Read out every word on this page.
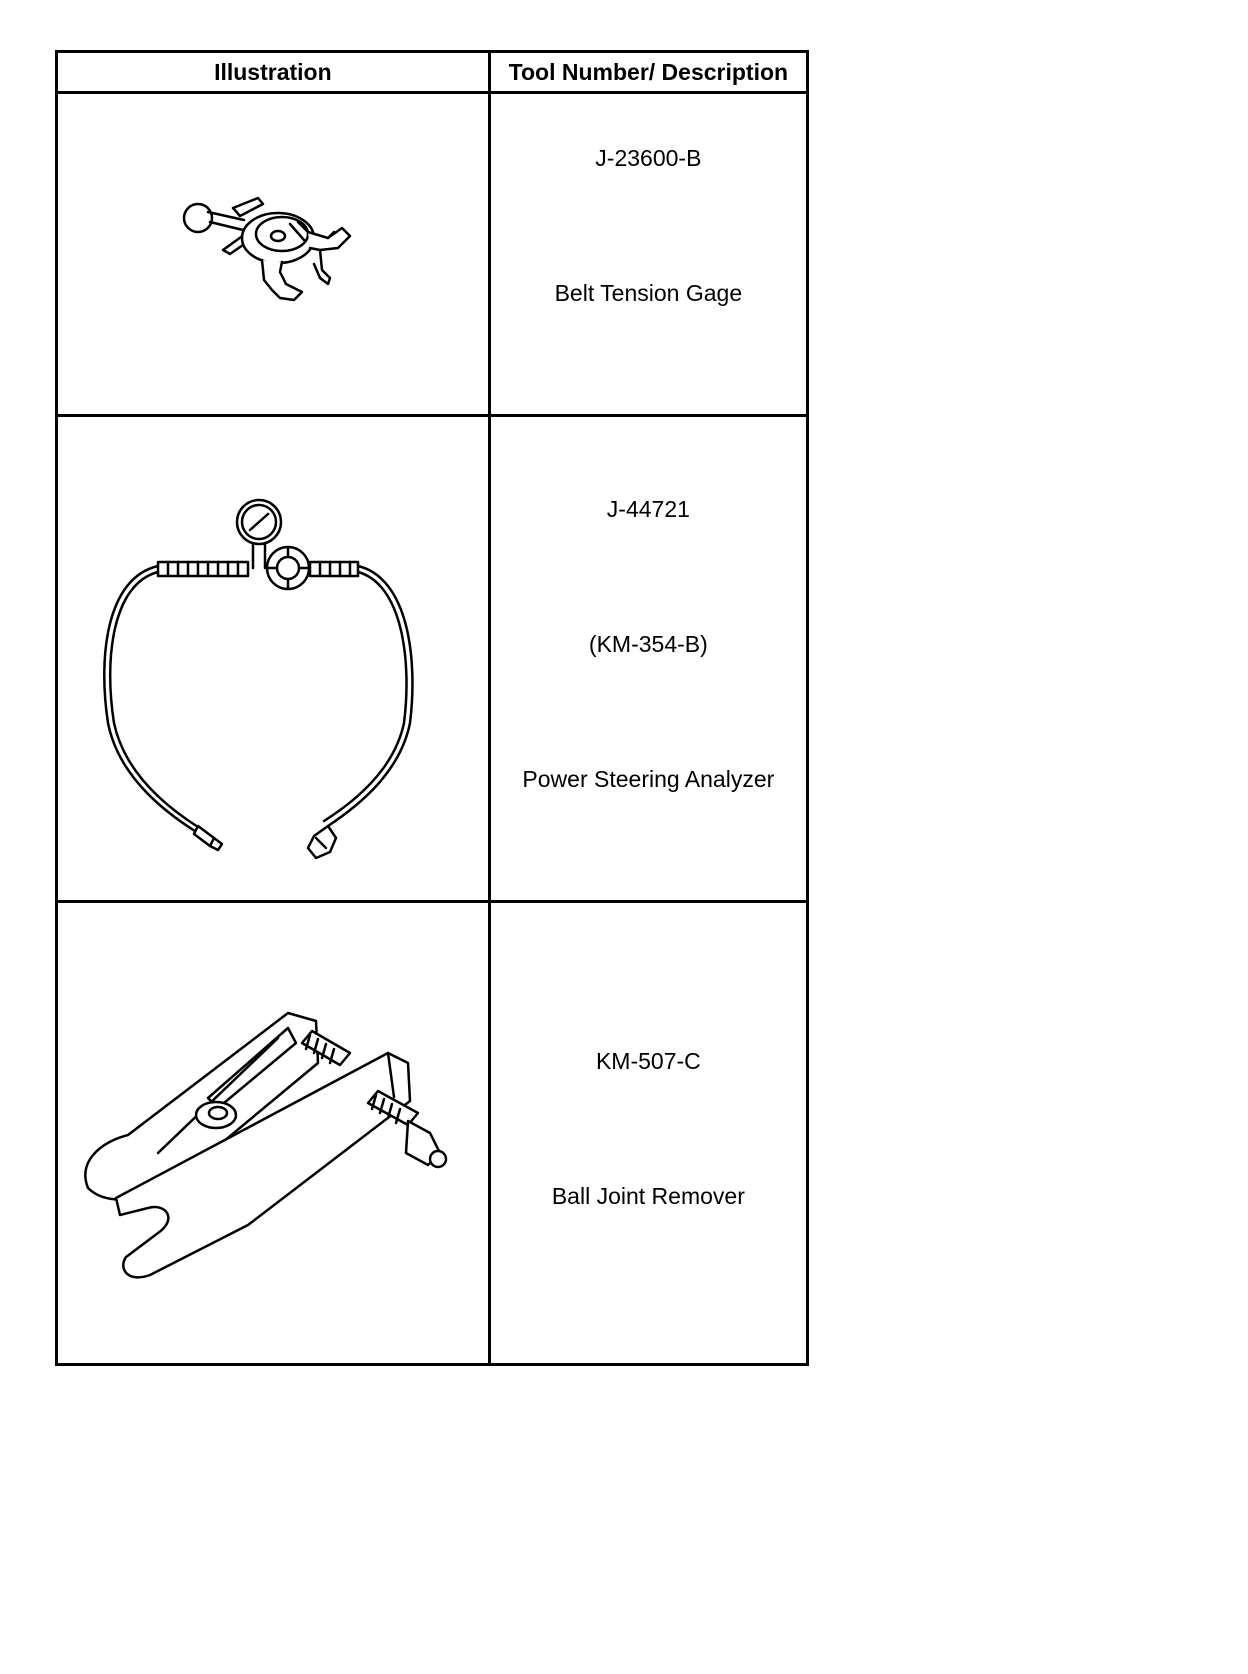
Illustration	Tool Number/ Description

J-23600-B
Belt Tension Gage

J-44721
(KM-354-B)
Power Steering Analyzer

KM-507-C
Ball Joint Remover
